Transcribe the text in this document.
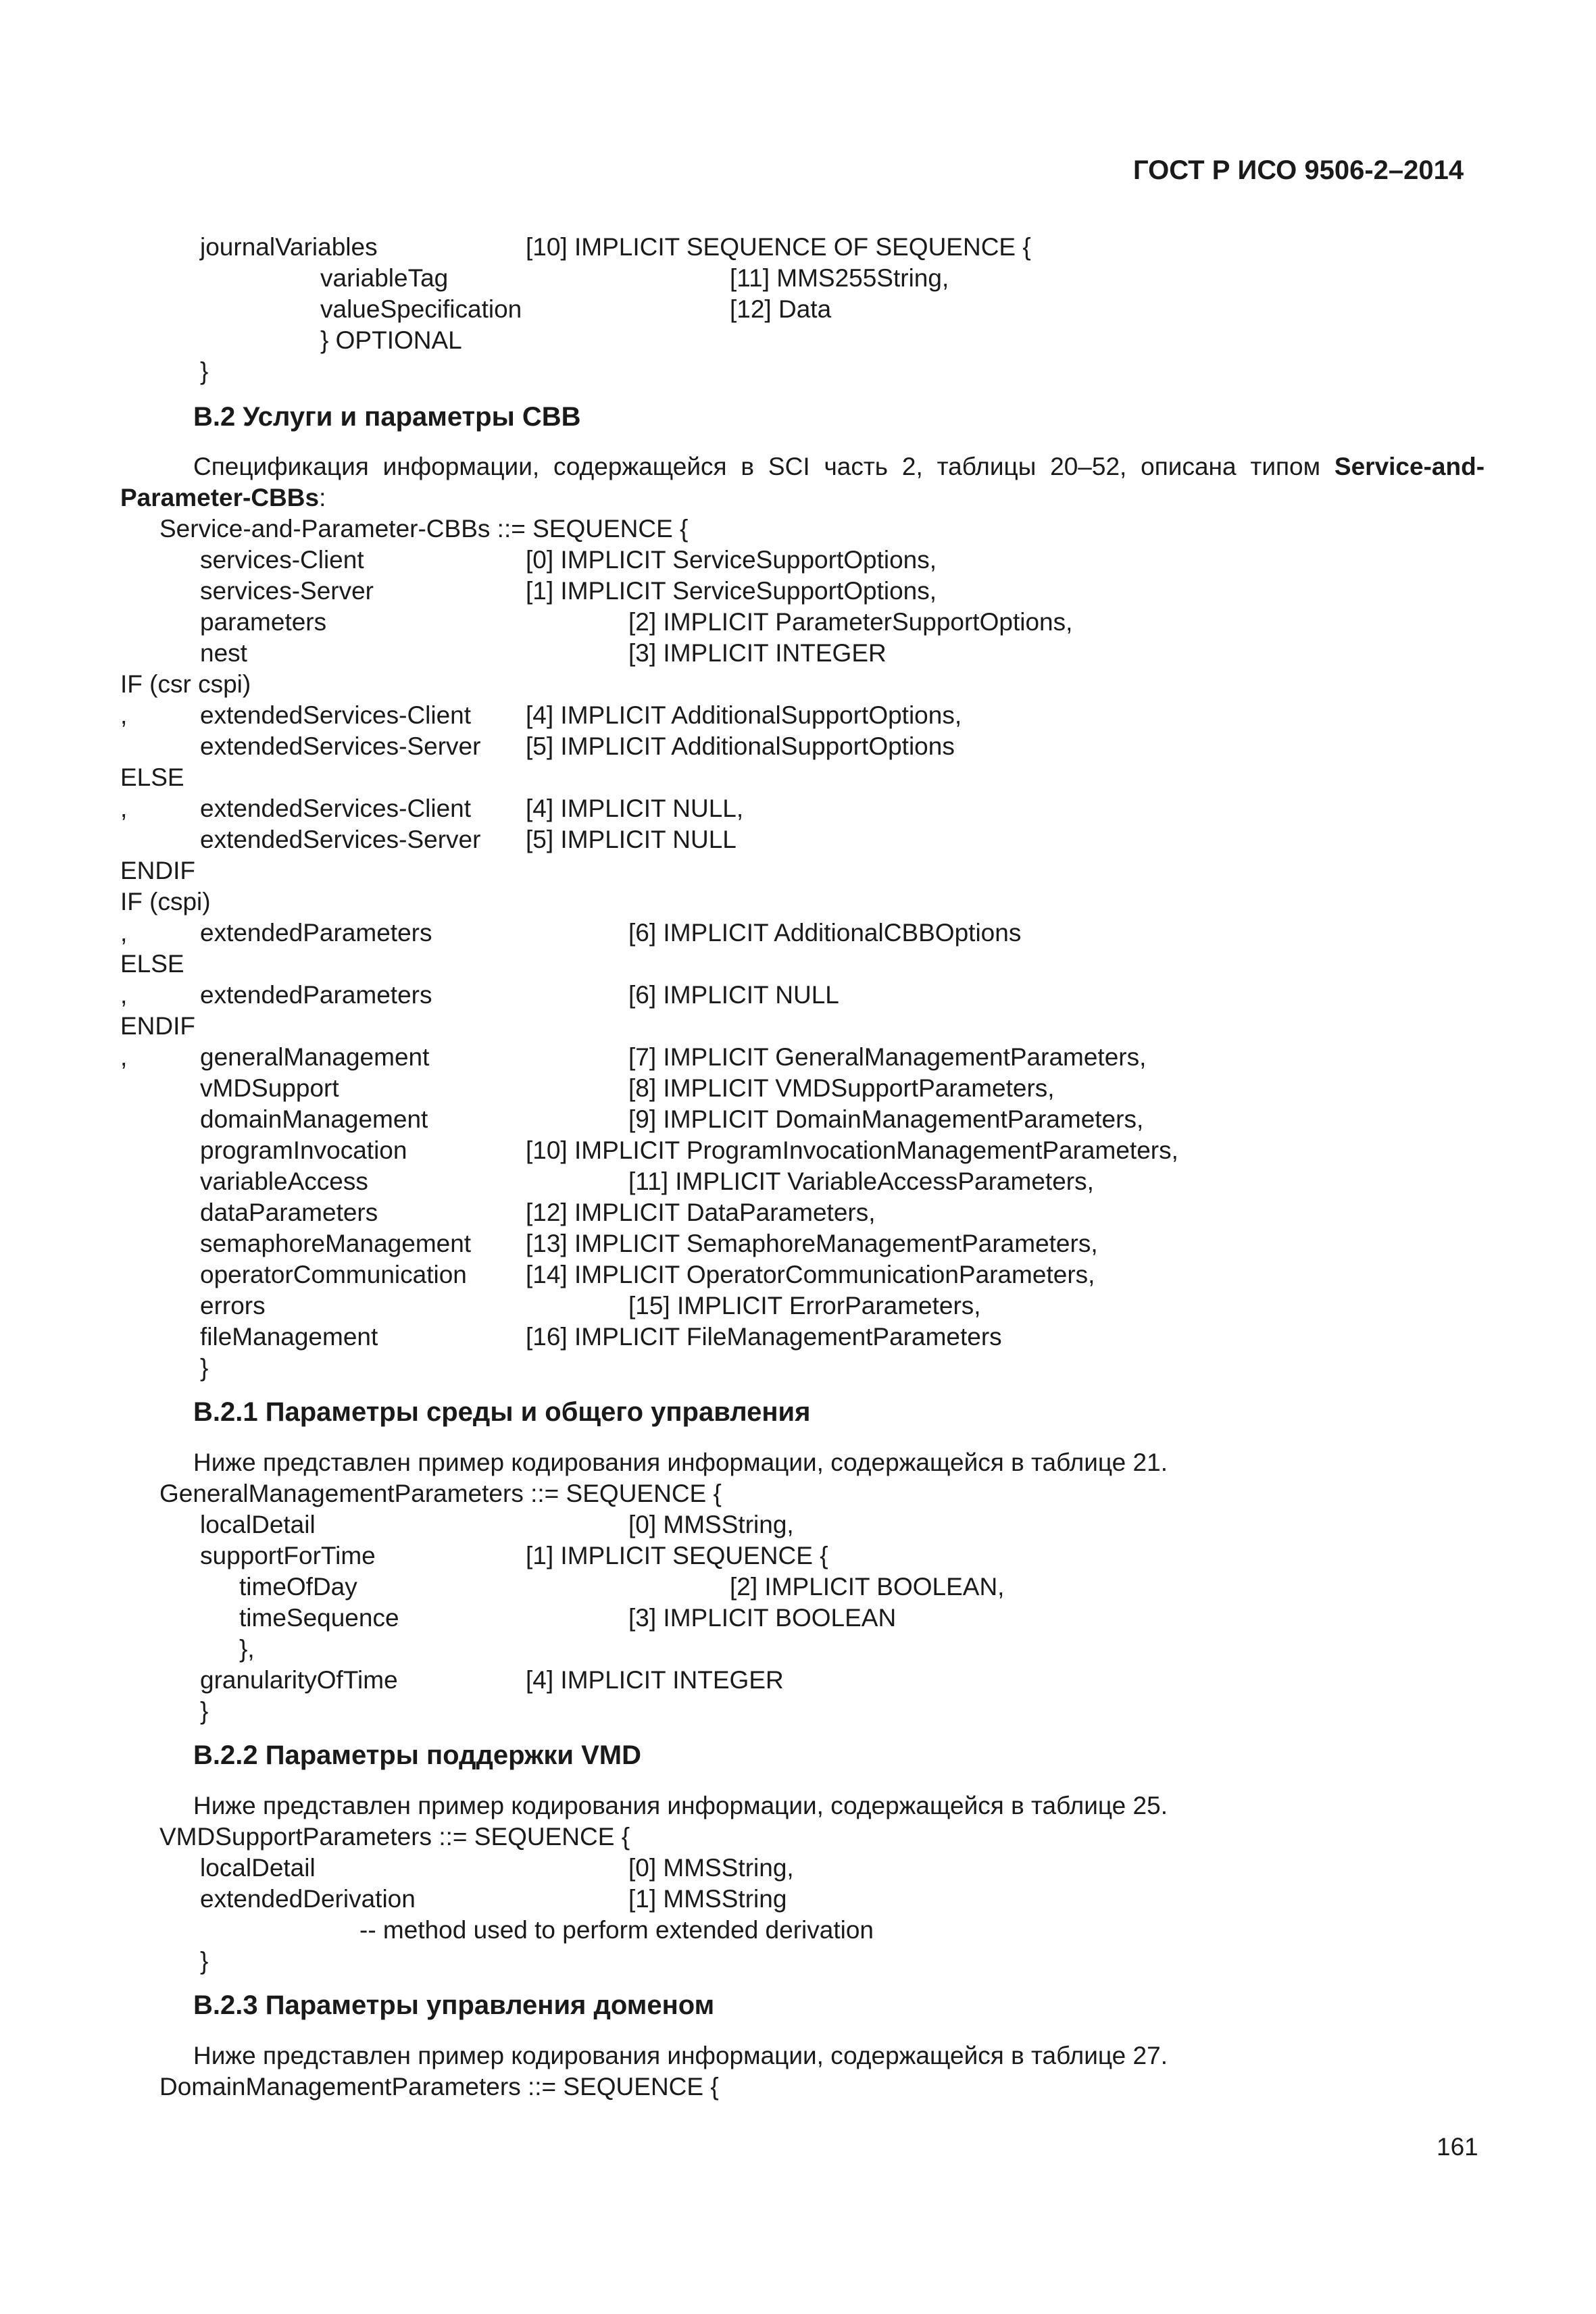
ГОСТ Р ИСО 9506-2–2014
journalVariables	[10] IMPLICIT SEQUENCE OF SEQUENCE {
variableTag	[11] MMS255String,
valueSpecification	[12] Data
} OPTIONAL
}
В.2 Услуги и параметры CBB
Спецификация информации, содержащейся в SCI часть 2, таблицы 20–52, описана типом Service-and-
Parameter-CBBs:
Service-and-Parameter-CBBs ::= SEQUENCE {
services-Client	[0] IMPLICIT ServiceSupportOptions,
services-Server	[1] IMPLICIT ServiceSupportOptions,
parameters	[2] IMPLICIT ParameterSupportOptions,
nest	[3] IMPLICIT INTEGER
IF (csr cspi)
,	extendedServices-Client [4] IMPLICIT AdditionalSupportOptions,
extendedServices-Server [5] IMPLICIT AdditionalSupportOptions
ELSE
,	extendedServices-Client [4] IMPLICIT NULL,
extendedServices-Server [5] IMPLICIT NULL
ENDIF
IF (cspi)
,	extendedParameters	[6] IMPLICIT AdditionalCBBOptions
ELSE
,	extendedParameters	[6] IMPLICIT NULL
ENDIF
,	generalManagement	[7] IMPLICIT GeneralManagementParameters,
vMDSupport	[8] IMPLICIT VMDSupportParameters,
domainManagement	[9] IMPLICIT DomainManagementParameters,
programInvocation	[10] IMPLICIT ProgramInvocationManagementParameters,
variableAccess	[11] IMPLICIT VariableAccessParameters,
dataParameters	[12] IMPLICIT DataParameters,
semaphoreManagement [13] IMPLICIT SemaphoreManagementParameters,
operatorCommunication [14] IMPLICIT OperatorCommunicationParameters,
errors	[15] IMPLICIT ErrorParameters,
fileManagement	[16] IMPLICIT FileManagementParameters
}
В.2.1 Параметры среды и общего управления
Ниже представлен пример кодирования информации, содержащейся в таблице 21.
GeneralManagementParameters ::= SEQUENCE {
localDetail	[0] MMSString,
supportForTime	[1] IMPLICIT SEQUENCE {
timeOfDay	[2] IMPLICIT BOOLEAN,
timeSequence	[3] IMPLICIT BOOLEAN
},
granularityOfTime	[4] IMPLICIT INTEGER
}
В.2.2 Параметры поддержки VMD
Ниже представлен пример кодирования информации, содержащейся в таблице 25.
VMDSupportParameters ::= SEQUENCE {
localDetail	[0] MMSString,
extendedDerivation	[1] MMSString
-- method used to perform extended derivation
}
В.2.3 Параметры управления доменом
Ниже представлен пример кодирования информации, содержащейся в таблице 27.
DomainManagementParameters ::= SEQUENCE {
161
